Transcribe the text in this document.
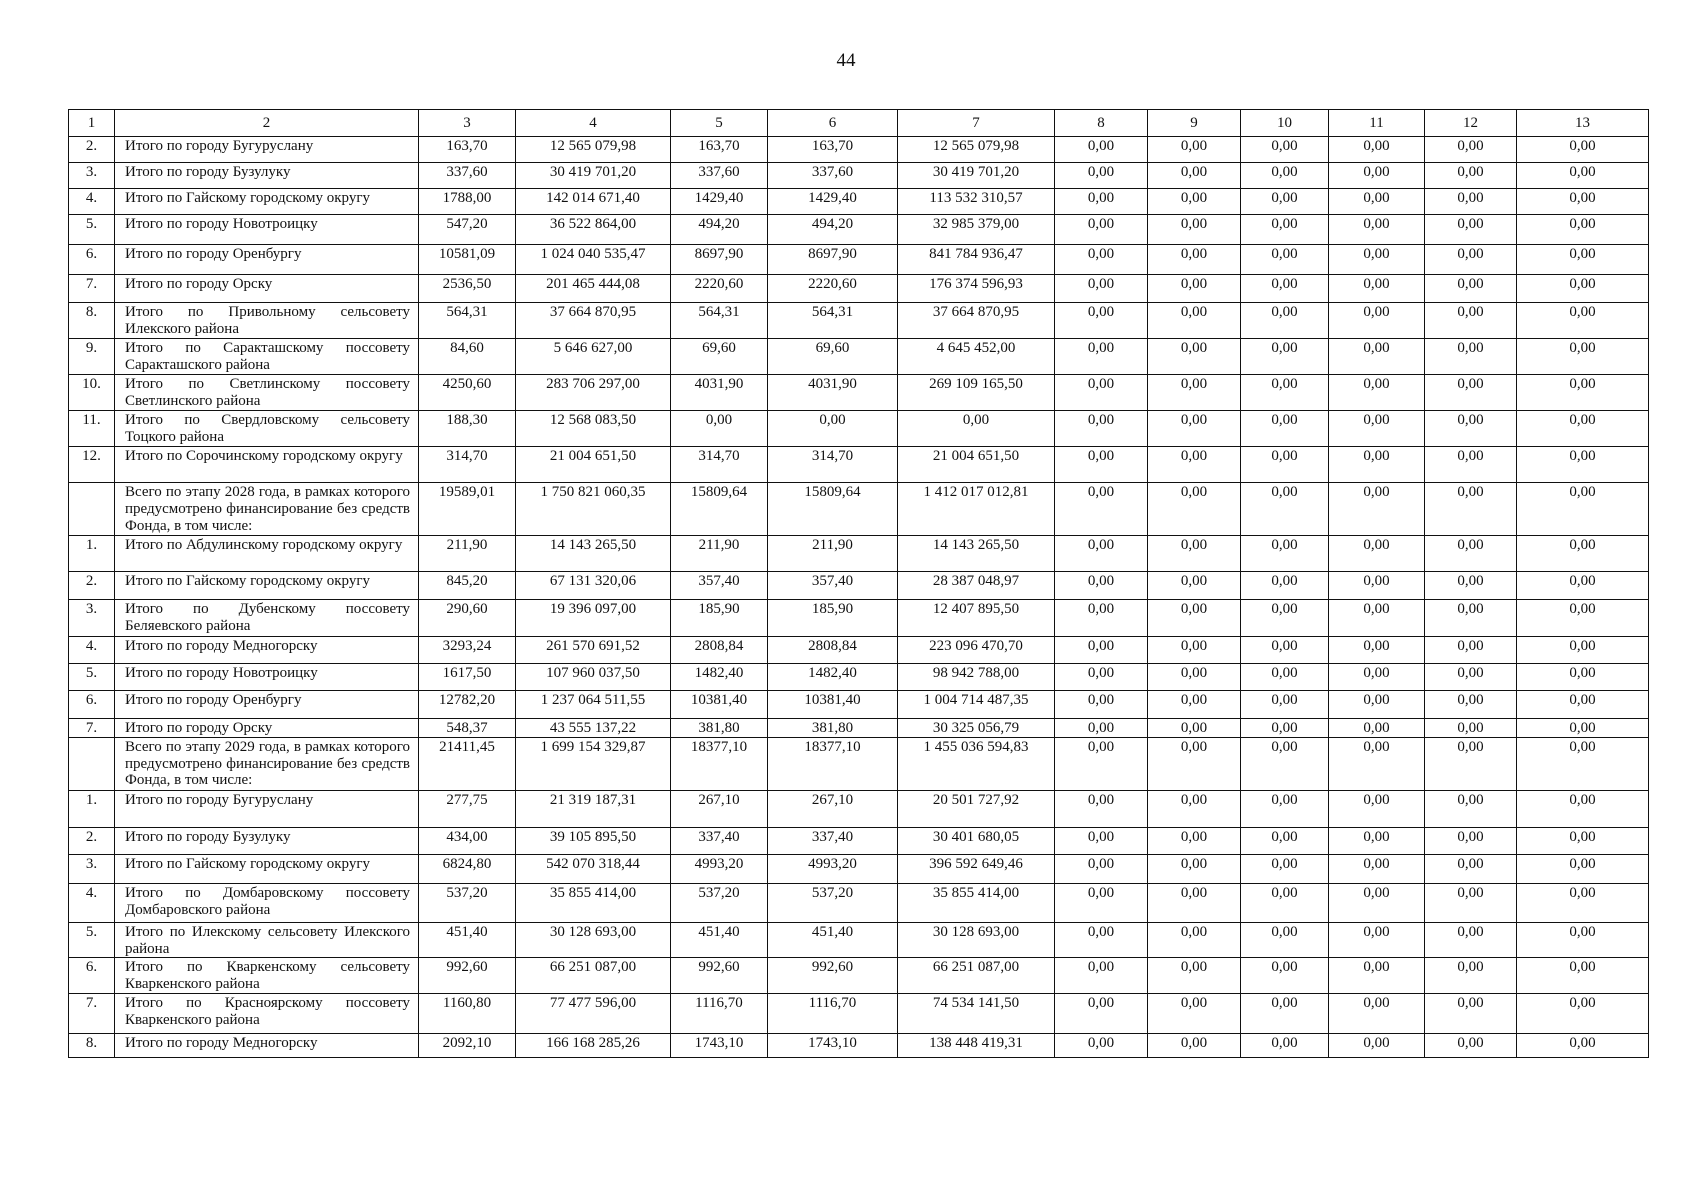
44
1	2	3	4	5	6	7	8	9	10	11	12	13
2.	Итого по городу Бугуруслану	163,70	12 565 079,98	163,70	163,70	12 565 079,98	0,00	0,00	0,00	0,00	0,00	0,00
3.	Итого по городу Бузулуку	337,60	30 419 701,20	337,60	337,60	30 419 701,20	0,00	0,00	0,00	0,00	0,00	0,00
4.	Итого по Гайскому городскому округу	1788,00	142 014 671,40	1429,40	1429,40	113 532 310,57	0,00	0,00	0,00	0,00	0,00	0,00
5.	Итого по городу Новотроицку	547,20	36 522 864,00	494,20	494,20	32 985 379,00	0,00	0,00	0,00	0,00	0,00	0,00
6.	Итого по городу Оренбургу	10581,09	1 024 040 535,47	8697,90	8697,90	841 784 936,47	0,00	0,00	0,00	0,00	0,00	0,00
7.	Итого по городу Орску	2536,50	201 465 444,08	2220,60	2220,60	176 374 596,93	0,00	0,00	0,00	0,00	0,00	0,00
8.	Итого по Привольному сельсовету Илекского района	564,31	37 664 870,95	564,31	564,31	37 664 870,95	0,00	0,00	0,00	0,00	0,00	0,00
9.	Итого по Саракташскому поссовету Саракташского района	84,60	5 646 627,00	69,60	69,60	4 645 452,00	0,00	0,00	0,00	0,00	0,00	0,00
10.	Итого по Светлинскому поссовету Светлинского района	4250,60	283 706 297,00	4031,90	4031,90	269 109 165,50	0,00	0,00	0,00	0,00	0,00	0,00
11.	Итого по Свердловскому сельсовету Тоцкого района	188,30	12 568 083,50	0,00	0,00	0,00	0,00	0,00	0,00	0,00	0,00	0,00
12.	Итого по Сорочинскому городскому округу	314,70	21 004 651,50	314,70	314,70	21 004 651,50	0,00	0,00	0,00	0,00	0,00	0,00
	Всего по этапу 2028 года, в рамках которого предусмотрено финансирование без средств Фонда, в том числе:	19589,01	1 750 821 060,35	15809,64	15809,64	1 412 017 012,81	0,00	0,00	0,00	0,00	0,00	0,00
1.	Итого по Абдулинскому городскому округу	211,90	14 143 265,50	211,90	211,90	14 143 265,50	0,00	0,00	0,00	0,00	0,00	0,00
2.	Итого по Гайскому городскому округу	845,20	67 131 320,06	357,40	357,40	28 387 048,97	0,00	0,00	0,00	0,00	0,00	0,00
3.	Итого по Дубенскому поссовету Беляевского района	290,60	19 396 097,00	185,90	185,90	12 407 895,50	0,00	0,00	0,00	0,00	0,00	0,00
4.	Итого по городу Медногорску	3293,24	261 570 691,52	2808,84	2808,84	223 096 470,70	0,00	0,00	0,00	0,00	0,00	0,00
5.	Итого по городу Новотроицку	1617,50	107 960 037,50	1482,40	1482,40	98 942 788,00	0,00	0,00	0,00	0,00	0,00	0,00
6.	Итого по городу Оренбургу	12782,20	1 237 064 511,55	10381,40	10381,40	1 004 714 487,35	0,00	0,00	0,00	0,00	0,00	0,00
7.	Итого по городу Орску	548,37	43 555 137,22	381,80	381,80	30 325 056,79	0,00	0,00	0,00	0,00	0,00	0,00
	Всего по этапу 2029 года, в рамках которого предусмотрено финансирование без средств Фонда, в том числе:	21411,45	1 699 154 329,87	18377,10	18377,10	1 455 036 594,83	0,00	0,00	0,00	0,00	0,00	0,00
1.	Итого по городу Бугуруслану	277,75	21 319 187,31	267,10	267,10	20 501 727,92	0,00	0,00	0,00	0,00	0,00	0,00
2.	Итого по городу Бузулуку	434,00	39 105 895,50	337,40	337,40	30 401 680,05	0,00	0,00	0,00	0,00	0,00	0,00
3.	Итого по Гайскому городскому округу	6824,80	542 070 318,44	4993,20	4993,20	396 592 649,46	0,00	0,00	0,00	0,00	0,00	0,00
4.	Итого по Домбаровскому поссовету Домбаровского района	537,20	35 855 414,00	537,20	537,20	35 855 414,00	0,00	0,00	0,00	0,00	0,00	0,00
5.	Итого по Илекскому сельсовету Илекского района	451,40	30 128 693,00	451,40	451,40	30 128 693,00	0,00	0,00	0,00	0,00	0,00	0,00
6.	Итого по Кваркенскому сельсовету Кваркенского района	992,60	66 251 087,00	992,60	992,60	66 251 087,00	0,00	0,00	0,00	0,00	0,00	0,00
7.	Итого по Красноярскому поссовету Кваркенского района	1160,80	77 477 596,00	1116,70	1116,70	74 534 141,50	0,00	0,00	0,00	0,00	0,00	0,00
8.	Итого по городу Медногорску	2092,10	166 168 285,26	1743,10	1743,10	138 448 419,31	0,00	0,00	0,00	0,00	0,00	0,00
